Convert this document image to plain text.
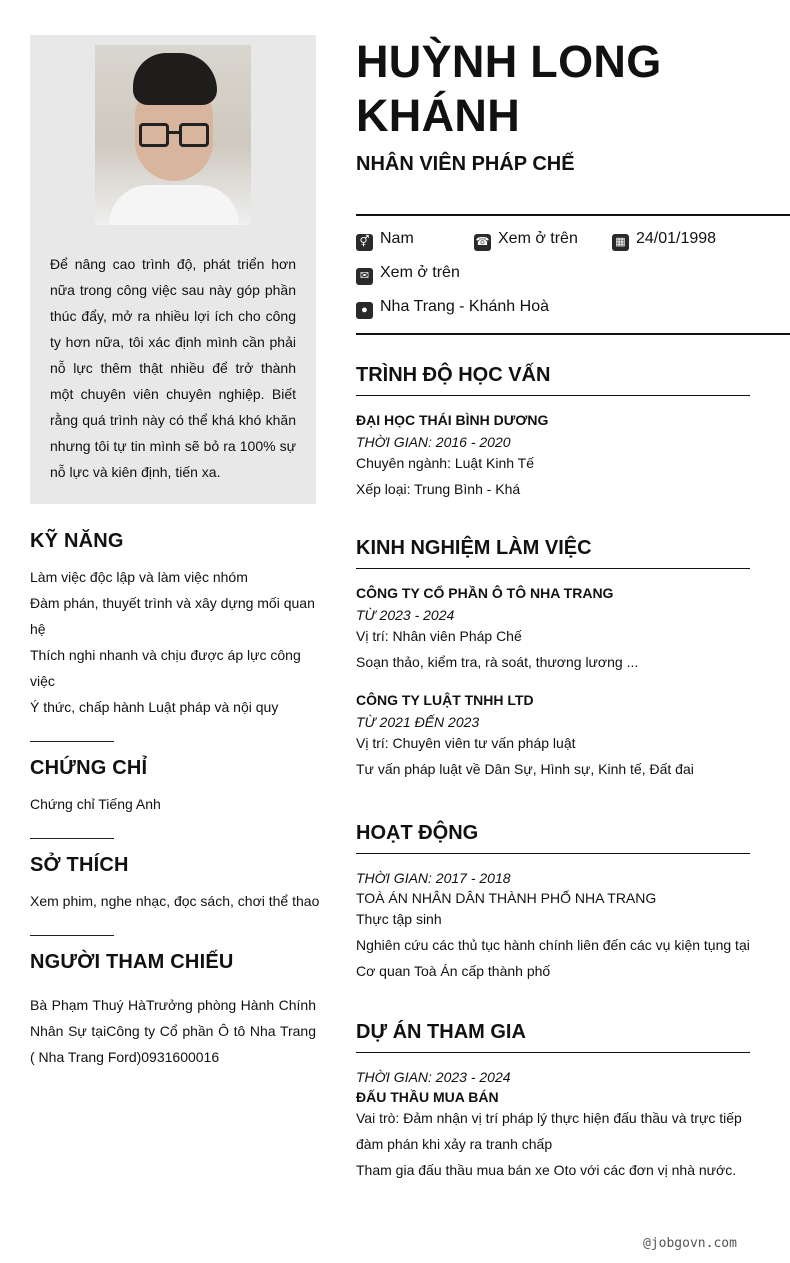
Để nâng cao trình độ, phát triển hơn nữa trong công việc sau này góp phần thúc đẩy, mở ra nhiều lợi ích cho công ty hơn nữa, tôi xác định mình cần phải nỗ lực thêm thật nhiều để trở thành một chuyên viên chuyên nghiệp. Biết rằng quá trình này có thể khá khó khăn nhưng tôi tự tin mình sẽ bỏ ra 100% sự nỗ lực và kiên định, tiến xa.
KỸ NĂNG

Làm việc độc lập và làm việc nhóm

Đàm phán, thuyết trình và xây dựng mối quan hệ

Thích nghi nhanh và chịu được áp lực công việc

Ý thức, chấp hành Luật pháp và nội quy

CHỨNG CHỈ

Chứng chỉ Tiếng Anh

SỞ THÍCH

Xem phim, nghe nhạc, đọc sách, chơi thể thao

NGƯỜI THAM CHIẾU

Bà Phạm Thuý HàTrưởng phòng Hành Chính Nhân Sự tạiCông ty Cổ phần Ô tô Nha Trang ( Nha Trang Ford)0931600016

HUỲNH LONG KHÁNH
NHÂN VIÊN PHÁP CHẾ
⚥ Nam	☎ Xem ở trên	▦ 24/01/1998
✉ Xem ở trên
● Nha Trang - Khánh Hoà
TRÌNH ĐỘ HỌC VẤN
ĐẠI HỌC THÁI BÌNH DƯƠNG
THỜI GIAN: 2016 - 2020

Chuyên ngành: Luật Kinh Tế

Xếp loại: Trung Bình - Khá

KINH NGHIỆM LÀM VIỆC
CÔNG TY CỔ PHẦN Ô TÔ NHA TRANG
TỪ 2023 - 2024

Vị trí: Nhân viên Pháp Chế

Soạn thảo, kiểm tra, rà soát, thương lương ...

CÔNG TY LUẬT TNHH LTD
TỪ 2021 ĐẾN 2023

Vị trí: Chuyên viên tư vấn pháp luật

Tư vấn pháp luật về Dân Sự, Hình sự, Kinh tế, Đất đai

HOẠT ĐỘNG
THỜI GIAN: 2017 - 2018
TOÀ ÁN NHÂN DÂN THÀNH PHỐ NHA TRANG

Thực tập sinh

Nghiên cứu các thủ tục hành chính liên đến các vụ kiện tụng tại Cơ quan Toà Án cấp thành phố

DỰ ÁN THAM GIA
THỜI GIAN: 2023 - 2024
ĐẤU THẦU MUA BÁN

Vai trò: Đảm nhận vị trí pháp lý thực hiện đấu thầu và trực tiếp đàm phán khi xảy ra tranh chấp

Tham gia đấu thầu mua bán xe Oto với các đơn vị nhà nước.

@jobgovn.com
